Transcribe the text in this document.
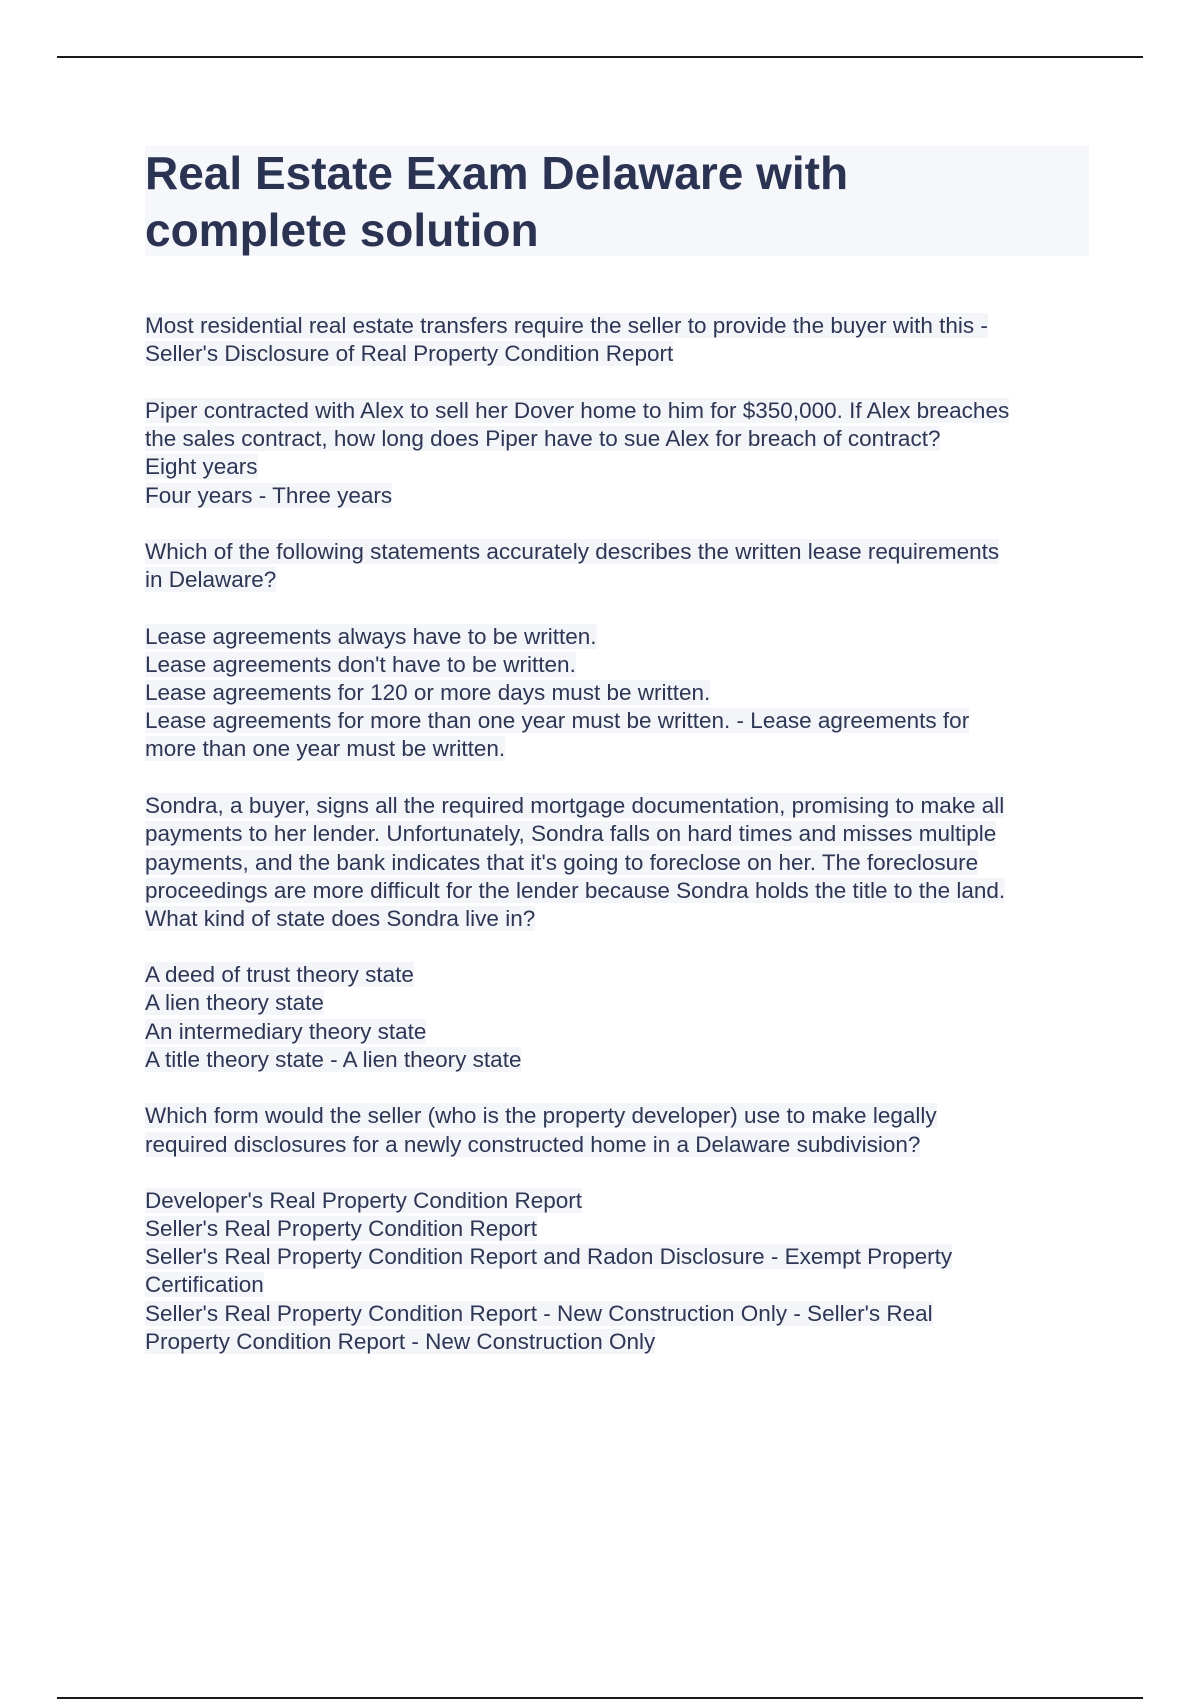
Real Estate Exam Delaware with
complete solution
Most residential real estate transfers require the seller to provide the buyer with this -
Seller's Disclosure of Real Property Condition Report
Piper contracted with Alex to sell her Dover home to him for $350,000. If Alex breaches
the sales contract, how long does Piper have to sue Alex for breach of contract?
Eight years
Four years - Three years
Which of the following statements accurately describes the written lease requirements
in Delaware?
Lease agreements always have to be written.
Lease agreements don't have to be written.
Lease agreements for 120 or more days must be written.
Lease agreements for more than one year must be written. - Lease agreements for
more than one year must be written.
Sondra, a buyer, signs all the required mortgage documentation, promising to make all
payments to her lender. Unfortunately, Sondra falls on hard times and misses multiple
payments, and the bank indicates that it's going to foreclose on her. The foreclosure
proceedings are more difficult for the lender because Sondra holds the title to the land.
What kind of state does Sondra live in?
A deed of trust theory state
A lien theory state
An intermediary theory state
A title theory state - A lien theory state
Which form would the seller (who is the property developer) use to make legally
required disclosures for a newly constructed home in a Delaware subdivision?
Developer's Real Property Condition Report
Seller's Real Property Condition Report
Seller's Real Property Condition Report and Radon Disclosure - Exempt Property
Certification
Seller's Real Property Condition Report - New Construction Only - Seller's Real
Property Condition Report - New Construction Only
